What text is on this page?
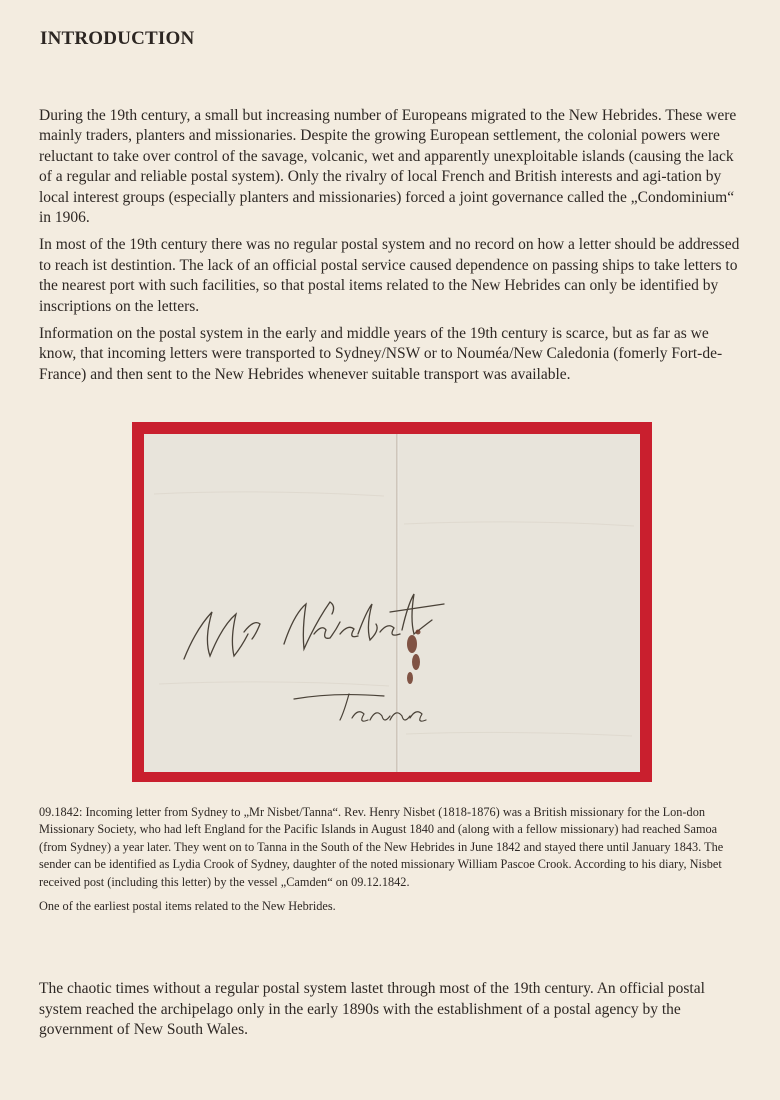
INTRODUCTION

During the 19th century, a small but increasing number of Europeans migrated to the New Hebrides. These were mainly traders, planters and missionaries. Despite the growing European settlement, the colonial powers were reluctant to take over control of the savage, volcanic, wet and apparently unexploitable islands (causing the lack of a regular and reliable postal system). Only the rivalry of local French and British interests and agi-tation by local interest groups (especially planters and missionaries) forced a joint governance called the „Condominium“ in 1906.

In most of the 19th century there was no regular postal system and no record on how a letter should be addressed to reach ist destintion. The lack of an official postal service caused dependence on passing ships to take letters to the nearest port with such facilities, so that postal items related to the New Hebrides can only be identified by inscriptions on the letters.

Information on the postal system in the early and middle years of the 19th century is scarce, but as far as we know, that incoming letters were transported to Sydney/NSW or to Nouméa/New Caledonia (fomerly Fort-de-France) and then sent to the New Hebrides whenever suitable transport was available.

09.1842: Incoming letter from Sydney to „Mr Nisbet/Tanna“. Rev. Henry Nisbet (1818-1876) was a British missionary for the Lon-don Missionary Society, who had left England for the Pacific Islands in August 1840 and (along with a fellow missionary) had reached Samoa (from Sydney) a year later. They went on to Tanna in the South of the New Hebrides in June 1842 and stayed there until January 1843. The sender can be identified as Lydia Crook of Sydney, daughter of the noted missionary William Pascoe Crook. According to his diary, Nisbet received post (including this letter) by the vessel „Camden“ on 09.12.1842.

One of the earliest postal items related to the New Hebrides.

The chaotic times without a regular postal system lastet through most of the 19th century. An official postal system reached the archipelago only in the early 1890s with the establishment of a postal agency by the government of New South Wales.
